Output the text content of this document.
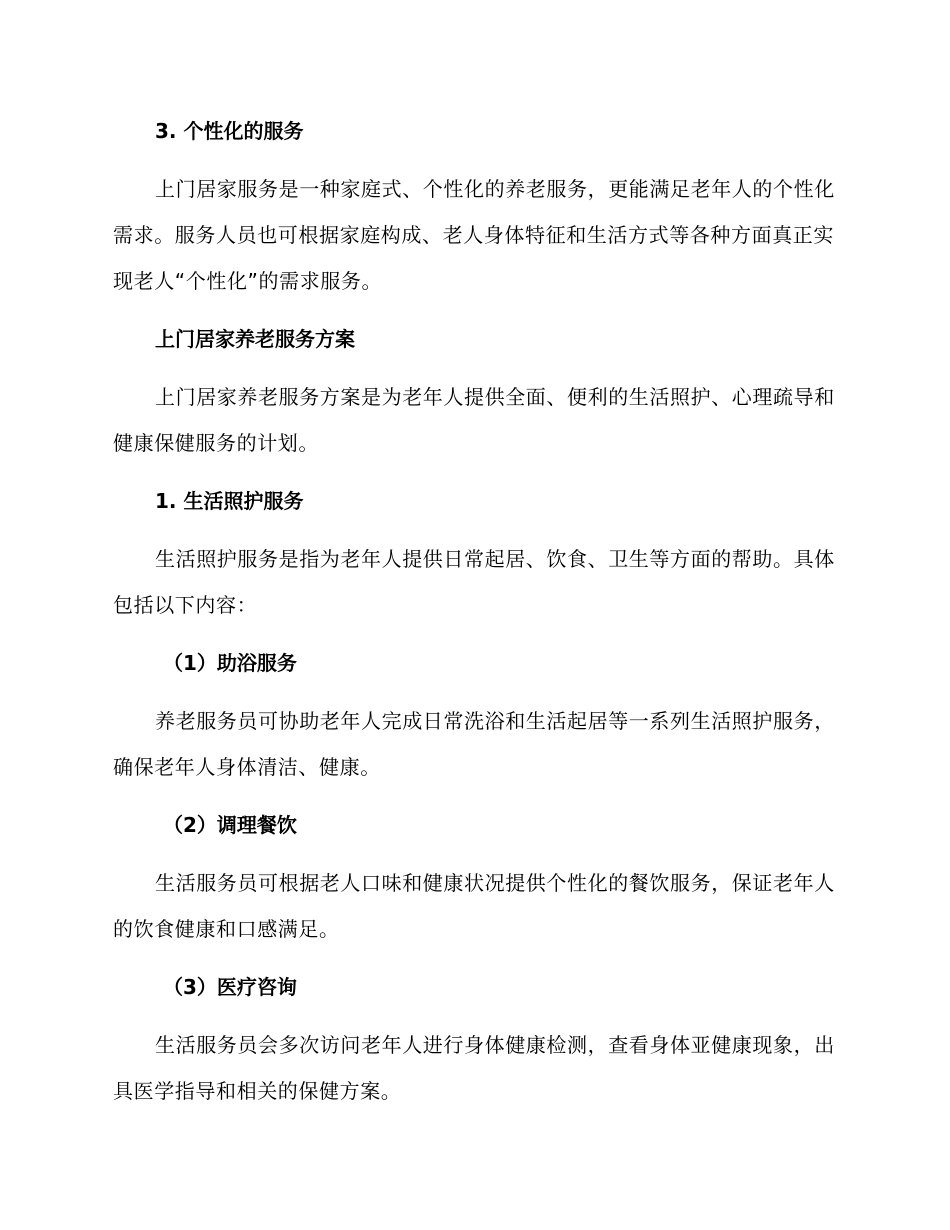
3. 个性化的服务

上门居家服务是一种家庭式、个性化的养老服务，更能满足老年人的个性化需求。服务人员也可根据家庭构成、老人身体特征和生活方式等各种方面真正实现老人“个性化”的需求服务。

上门居家养老服务方案

上门居家养老服务方案是为老年人提供全面、便利的生活照护、心理疏导和健康保健服务的计划。

1. 生活照护服务

生活照护服务是指为老年人提供日常起居、饮食、卫生等方面的帮助。具体包括以下内容：

（1）助浴服务

养老服务员可协助老年人完成日常洗浴和生活起居等一系列生活照护服务，确保老年人身体清洁、健康。

（2）调理餐饮

生活服务员可根据老人口味和健康状况提供个性化的餐饮服务，保证老年人的饮食健康和口感满足。

（3）医疗咨询

生活服务员会多次访问老年人进行身体健康检测，查看身体亚健康现象，出具医学指导和相关的保健方案。
